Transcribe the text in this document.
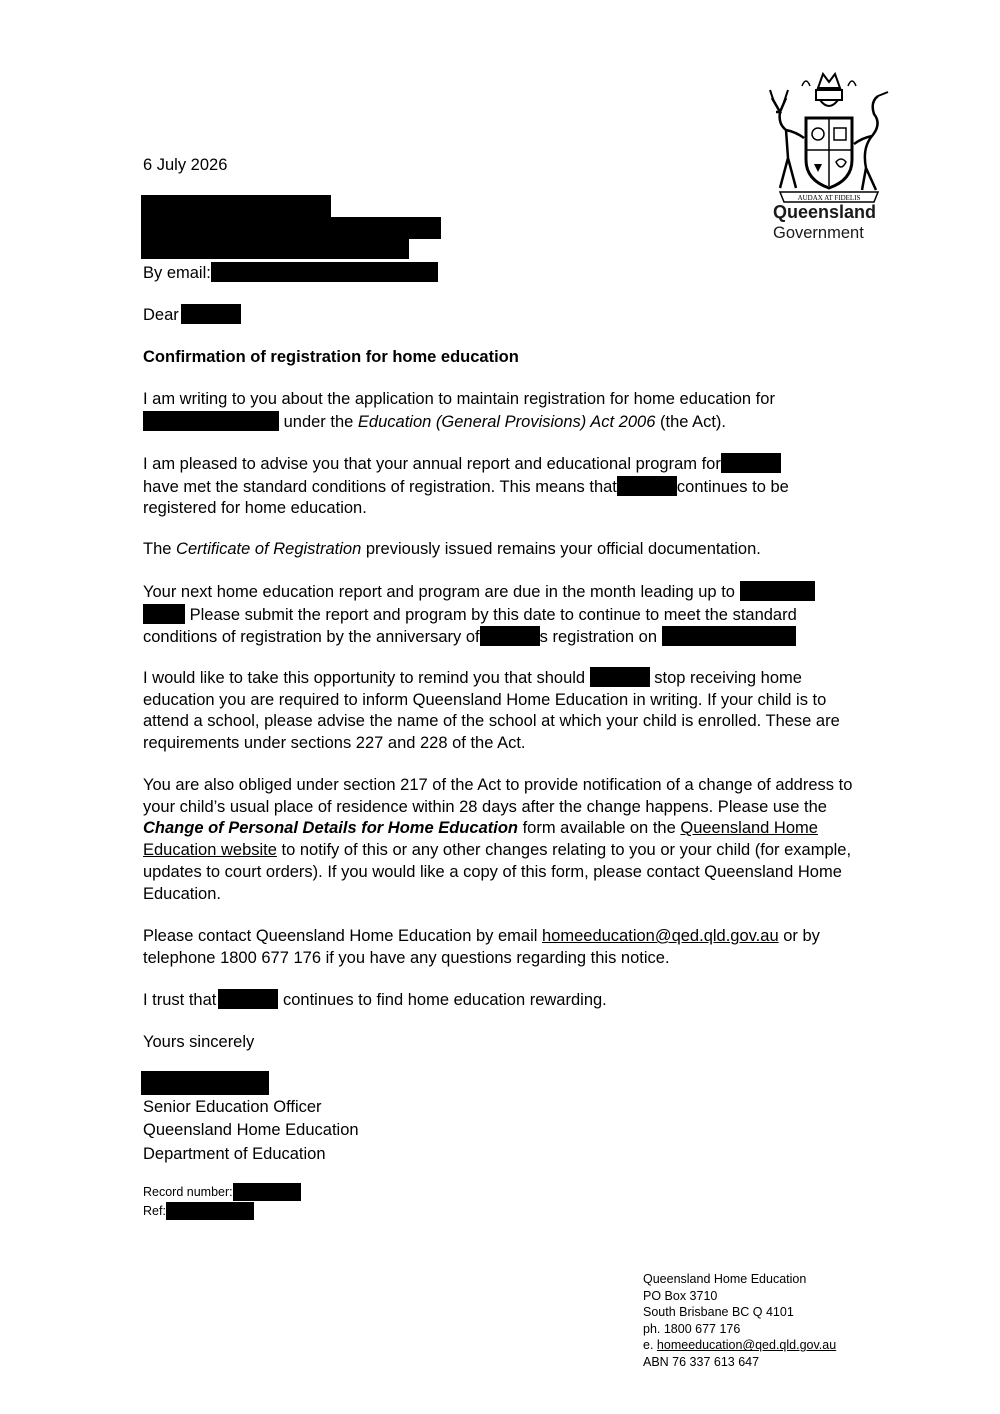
AUDAX AT FIDELIS
Queensland
Government
6 July 2026
By email:
Dear
Confirmation of registration for home education
I am writing to you about the application to maintain registration for home education for
under the Education (General Provisions) Act 2006 (the Act).
I am pleased to advise you that your annual report and educational program for
have met the standard conditions of registration. This means that	continues to be
registered for home education.
The Certificate of Registration previously issued remains your official documentation.
Your next home education report and program are due in the month leading up to
Please submit the report and program by this date to continue to meet the standard
conditions of registration by the anniversary of	s registration on
I would like to take this opportunity to remind you that should	stop receiving home education you are required to inform Queensland Home Education in writing. If your child is to attend a school, please advise the name of the school at which your child is enrolled. These are requirements under sections 227 and 228 of the Act.
You are also obliged under section 217 of the Act to provide notification of a change of address to your child’s usual place of residence within 28 days after the change happens. Please use the Change of Personal Details for Home Education form available on the Queensland Home Education website to notify of this or any other changes relating to you or your child (for example, updates to court orders). If you would like a copy of this form, please contact Queensland Home Education.
Please contact Queensland Home Education by email homeeducation@qed.qld.gov.au or by telephone 1800 677 176 if you have any questions regarding this notice.
I trust that	continues to find home education rewarding.
Yours sincerely
Senior Education Officer
Queensland Home Education
Department of Education
Record number:
Ref:
Queensland Home Education
PO Box 3710
South Brisbane BC Q 4101
ph. 1800 677 176
e. homeeducation@qed.qld.gov.au
ABN 76 337 613 647
